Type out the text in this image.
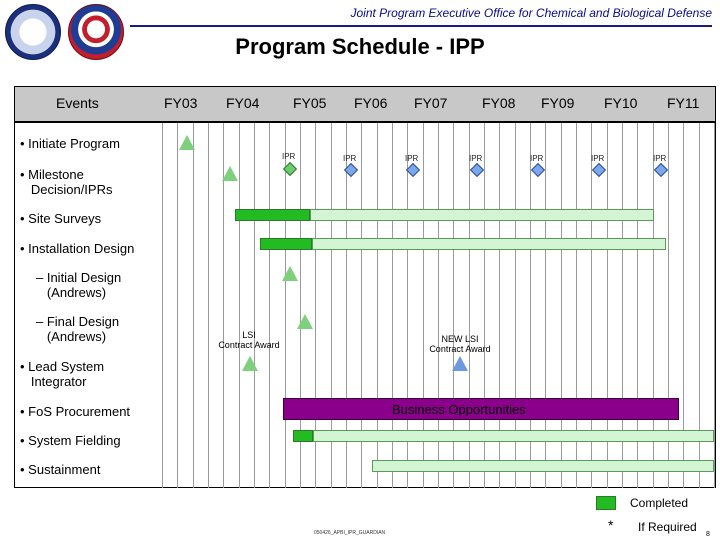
Joint Program Executive Office for Chemical and Biological Defense
Program Schedule - IPP
Events	FY03 FY04 FY05 FY06 FY07 FY08 FY09 FY10 FY11
• Initiate Program
• Milestone
Decision/IPRs
• Site Surveys
• Installation Design
– Initial Design
(Andrews)
– Final Design
(Andrews)
• Lead System
Integrator
• FoS Procurement
• System Fielding
• Sustainment
IPR	IPR	IPR	IPR	IPR	IPR	IPR
LSI
Contract Award
NEW LSI
Contract Award
Business Opportunities
Completed
* If Required
050426_APBI_IPR_GUARDIAN	8
